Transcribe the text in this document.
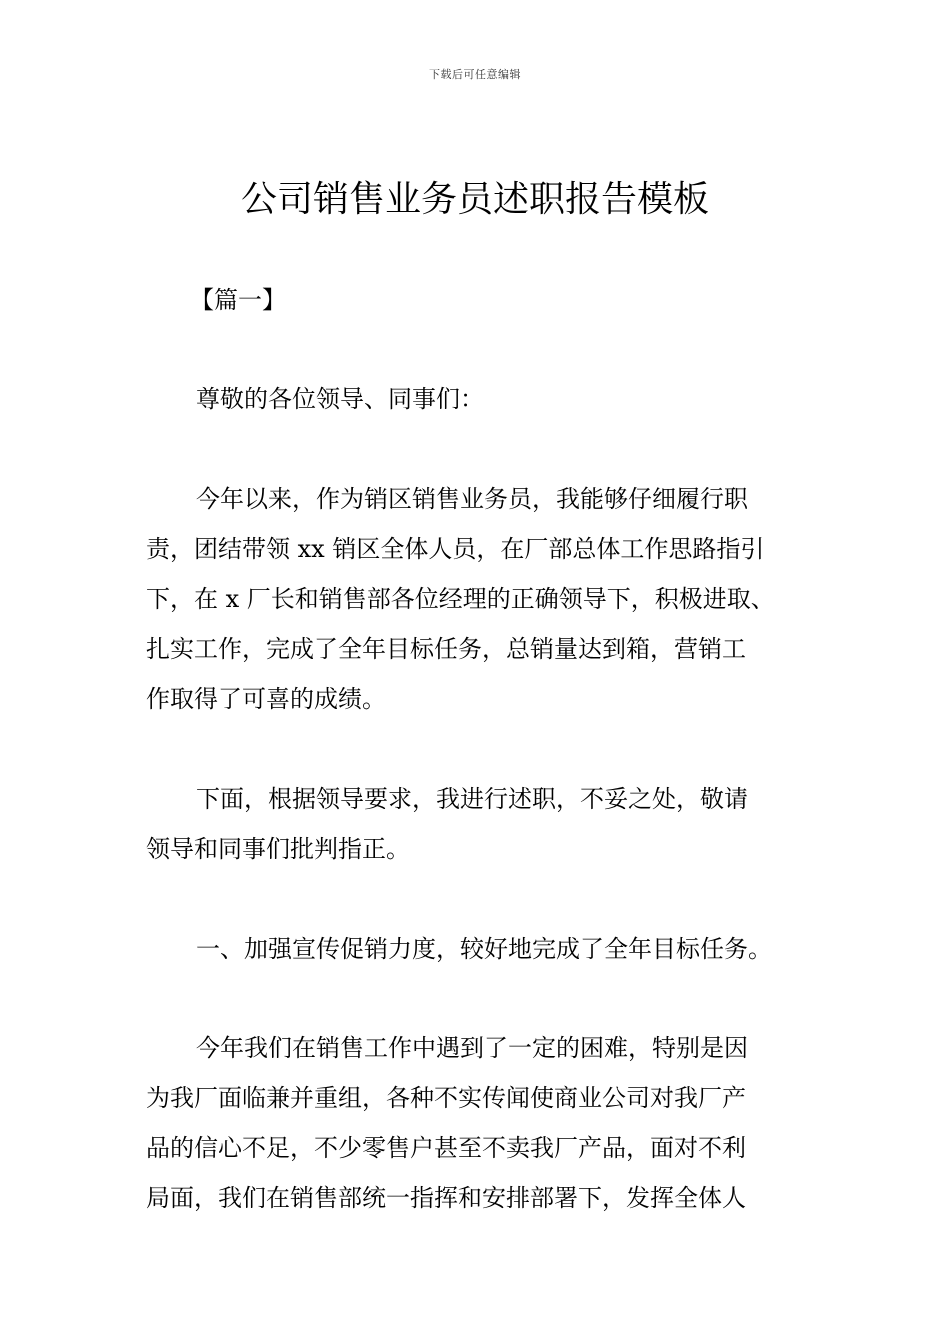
下载后可任意编辑
公司销售业务员述职报告模板
【篇一】

尊敬的各位领导、同事们：

今年以来，作为销区销售业务员，我能够仔细履行职
责，团结带领 xx 销区全体人员，在厂部总体工作思路指引
下，在 x 厂长和销售部各位经理的正确领导下，积极进取、
扎实工作，完成了全年目标任务，总销量达到箱，营销工
作取得了可喜的成绩。

下面，根据领导要求，我进行述职，不妥之处，敬请
领导和同事们批判指正。

一、加强宣传促销力度，较好地完成了全年目标任务。

今年我们在销售工作中遇到了一定的困难，特别是因
为我厂面临兼并重组，各种不实传闻使商业公司对我厂产
品的信心不足，不少零售户甚至不卖我厂产品，面对不利
局面，我们在销售部统一指挥和安排部署下，发挥全体人
